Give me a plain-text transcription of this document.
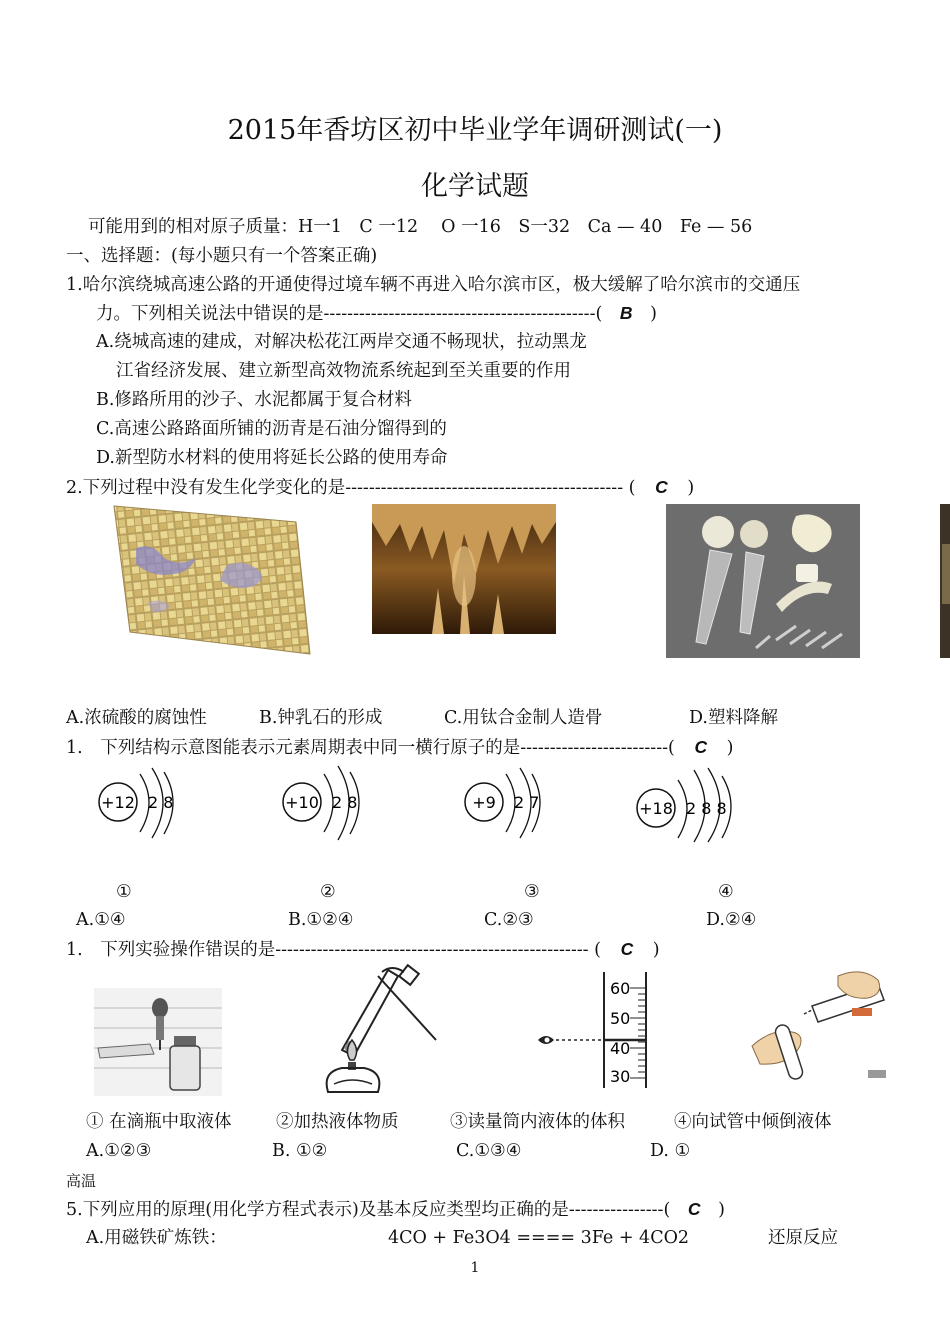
2015年香坊区初中毕业学年调研测试(一)
化学试题
可能用到的相对原子质量：H一1　C 一12　 O 一16　S一32　Ca — 40　Fe — 56
一、选择题：(每小题只有一个答案正确)
1.哈尔滨绕城高速公路的开通使得过境车辆不再进入哈尔滨市区，极大缓解了哈尔滨市的交通压
力。下列相关说法中错误的是----------------------------------------------( B )
A.绕城高速的建成，对解决松花江两岸交通不畅现状，拉动黑龙
江省经济发展、建立新型高效物流系统起到至关重要的作用
B.修路所用的沙子、水泥都属于复合材料
C.高速公路路面所铺的沥青是石油分馏得到的
D.新型防水材料的使用将延长公路的使用寿命
2.下列过程中没有发生化学变化的是----------------------------------------------- ( C )
A.浓硫酸的腐蚀性	B.钟乳石的形成	C.用钛合金制人造骨	D.塑料降解
1.　下列结构示意图能表示元素周期表中同一横行原子的是-------------------------( C )
+12 2 8	+10 2 8	+9 2 7	+18 2 8 8
①	②	③	④
A.①④	B.①②④	C.②③	D.②④
1.　下列实验操作错误的是----------------------------------------------------- ( C )
60
50
40
30
① 在滴瓶中取液体	②加热液体物质	③读量筒内液体的体积	④向试管中倾倒液体
A.①②③	B. ①②	C.①③④	D. ①
高温
5.下列应用的原理(用化学方程式表示)及基本反应类型均正确的是----------------( C )
A.用磁铁矿炼铁：	4CO + Fe3O4 ==== 3Fe + 4CO2	还原反应
1
